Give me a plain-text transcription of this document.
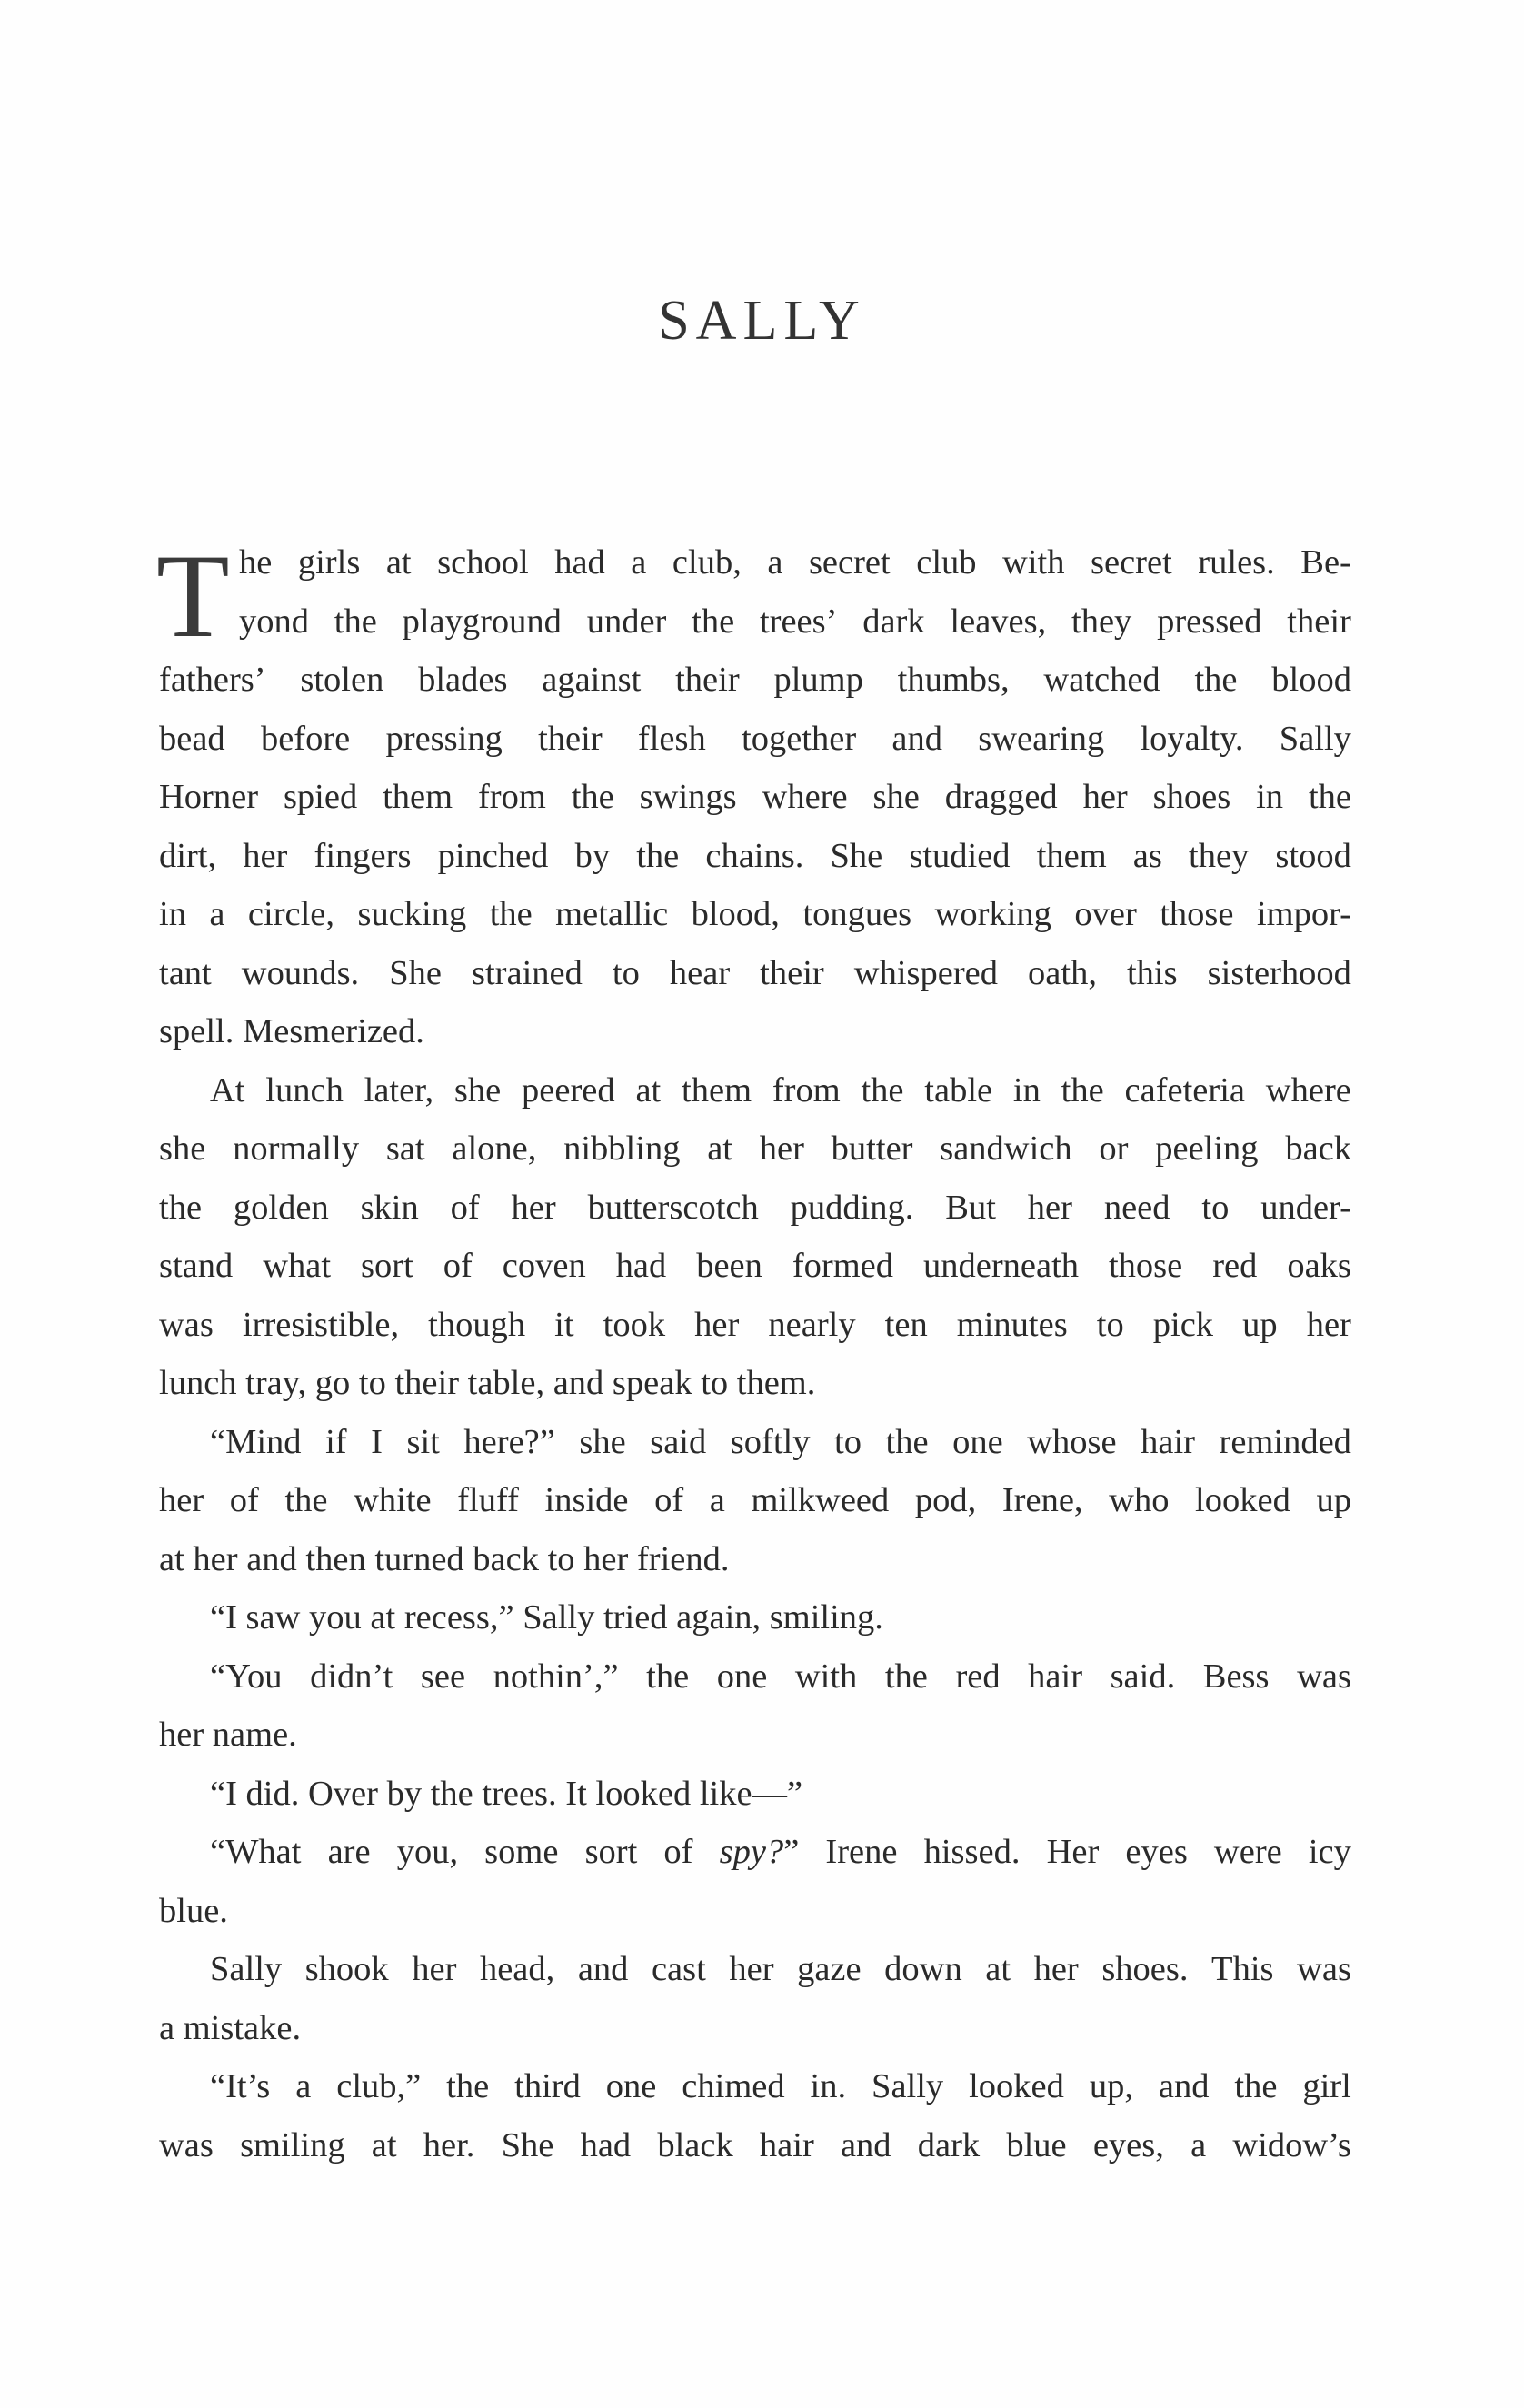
SALLY
T he girls at school had a club, a secret club with secret rules. Be-
yond the playground under the trees’ dark leaves, they pressed their
fathers’ stolen blades against their plump thumbs, watched the blood
bead before pressing their flesh together and swearing loyalty. Sally
Horner spied them from the swings where she dragged her shoes in the
dirt, her fingers pinched by the chains. She studied them as they stood
in a circle, sucking the metallic blood, tongues working over those impor-
tant wounds. She strained to hear their whispered oath, this sisterhood
spell. Mesmerized.
At lunch later, she peered at them from the table in the cafeteria where
she normally sat alone, nibbling at her butter sandwich or peeling back
the golden skin of her butterscotch pudding. But her need to under-
stand what sort of coven had been formed underneath those red oaks
was irresistible, though it took her nearly ten minutes to pick up her
lunch tray, go to their table, and speak to them.
“Mind if I sit here?” she said softly to the one whose hair reminded
her of the white fluff inside of a milkweed pod, Irene, who looked up
at her and then turned back to her friend.
“I saw you at recess,” Sally tried again, smiling.
“You didn’t see nothin’,” the one with the red hair said. Bess was
her name.
“I did. Over by the trees. It looked like—”
“What are you, some sort of spy?” Irene hissed. Her eyes were icy
blue.
Sally shook her head, and cast her gaze down at her shoes. This was
a mistake.
“It’s a club,” the third one chimed in. Sally looked up, and the girl
was smiling at her. She had black hair and dark blue eyes, a widow’s
